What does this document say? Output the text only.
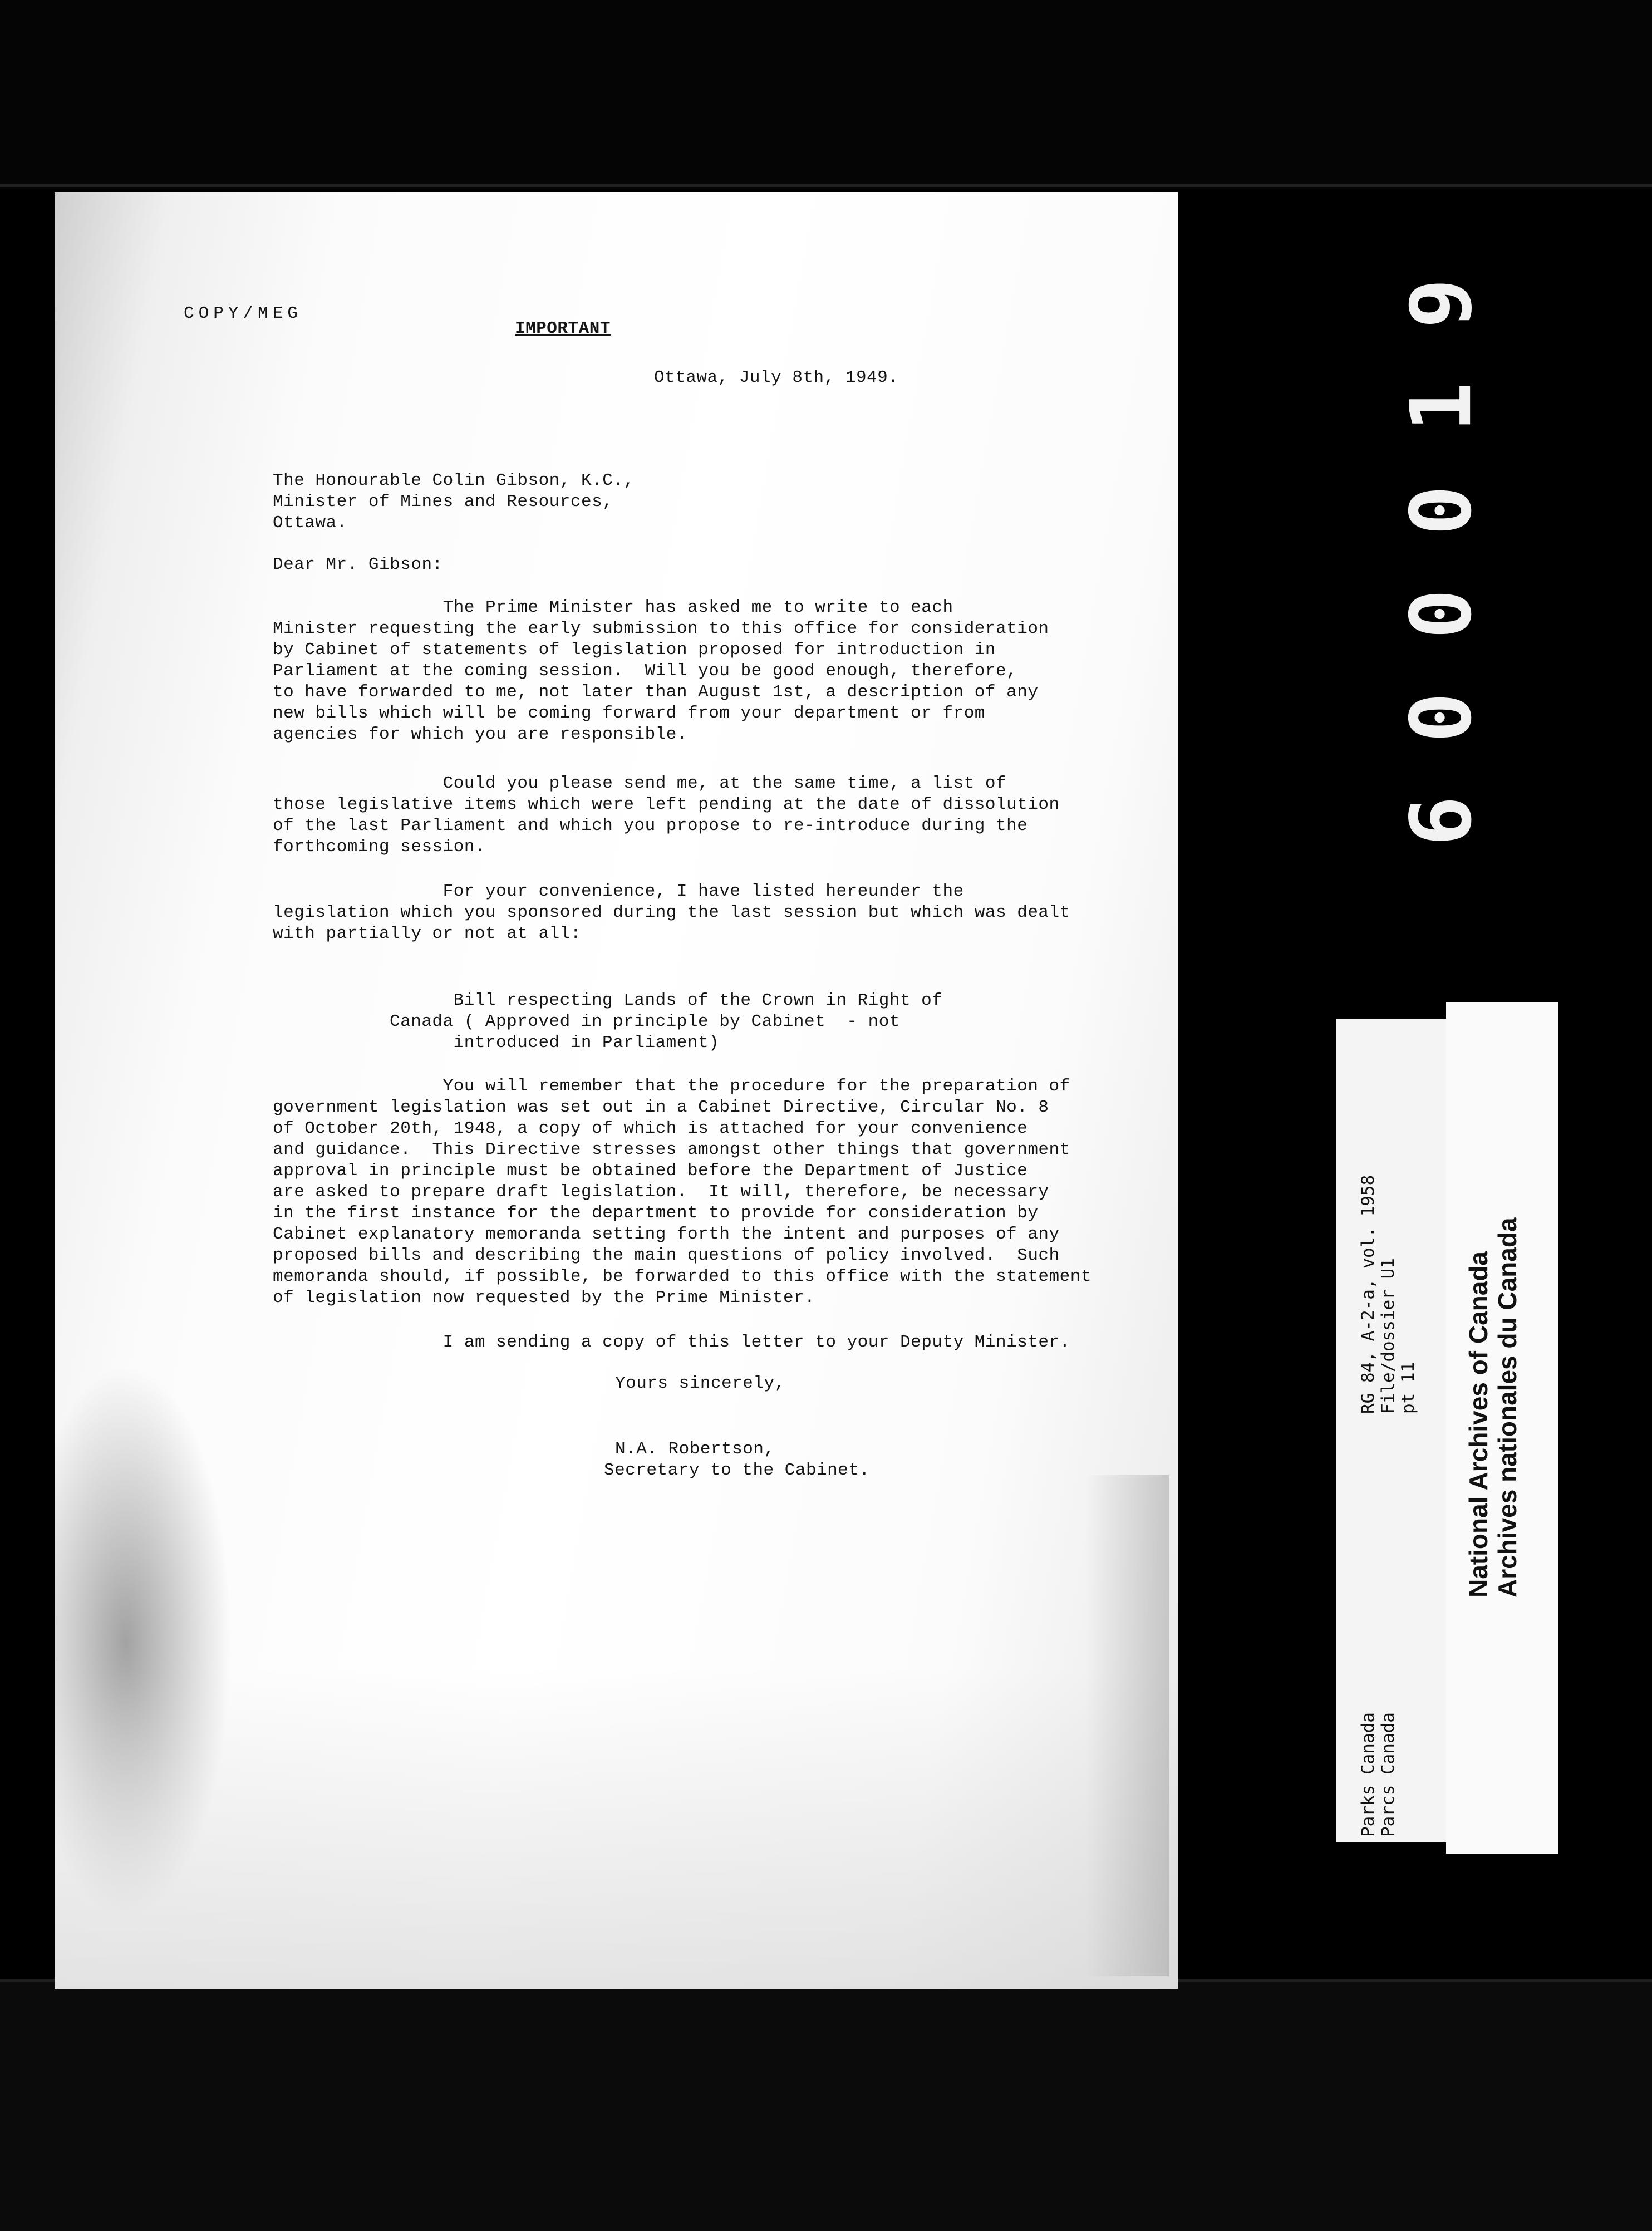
COPY/MEG
IMPORTANT
Ottawa, July 8th, 1949.
The Honourable Colin Gibson, K.C.,
Minister of Mines and Resources,
Ottawa.
Dear Mr. Gibson:
The Prime Minister has asked me to write to each
Minister requesting the early submission to this office for consideration
by Cabinet of statements of legislation proposed for introduction in
Parliament at the coming session.  Will you be good enough, therefore,
to have forwarded to me, not later than August 1st, a description of any
new bills which will be coming forward from your department or from
agencies for which you are responsible.
Could you please send me, at the same time, a list of
those legislative items which were left pending at the date of dissolution
of the last Parliament and which you propose to re-introduce during the
forthcoming session.
For your convenience, I have listed hereunder the
legislation which you sponsored during the last session but which was dealt
with partially or not at all:
Bill respecting Lands of the Crown in Right of
Canada ( Approved in principle by Cabinet  - not
introduced in Parliament)
You will remember that the procedure for the preparation of
government legislation was set out in a Cabinet Directive, Circular No. 8
of October 20th, 1948, a copy of which is attached for your convenience
and guidance.  This Directive stresses amongst other things that government
approval in principle must be obtained before the Department of Justice
are asked to prepare draft legislation.  It will, therefore, be necessary
in the first instance for the department to provide for consideration by
Cabinet explanatory memoranda setting forth the intent and purposes of any
proposed bills and describing the main questions of policy involved.  Such
memoranda should, if possible, be forwarded to this office with the statement
of legislation now requested by the Prime Minister.
I am sending a copy of this letter to your Deputy Minister.
Yours sincerely,
N.A. Robertson,
Secretary to the Cabinet.
RG 84, A-2-a, vol. 1958 File/dossier U1 pt 11
Parks Canada Parcs Canada
National Archives of Canada Archives nationales du Canada
9
1
0
0
0
6
